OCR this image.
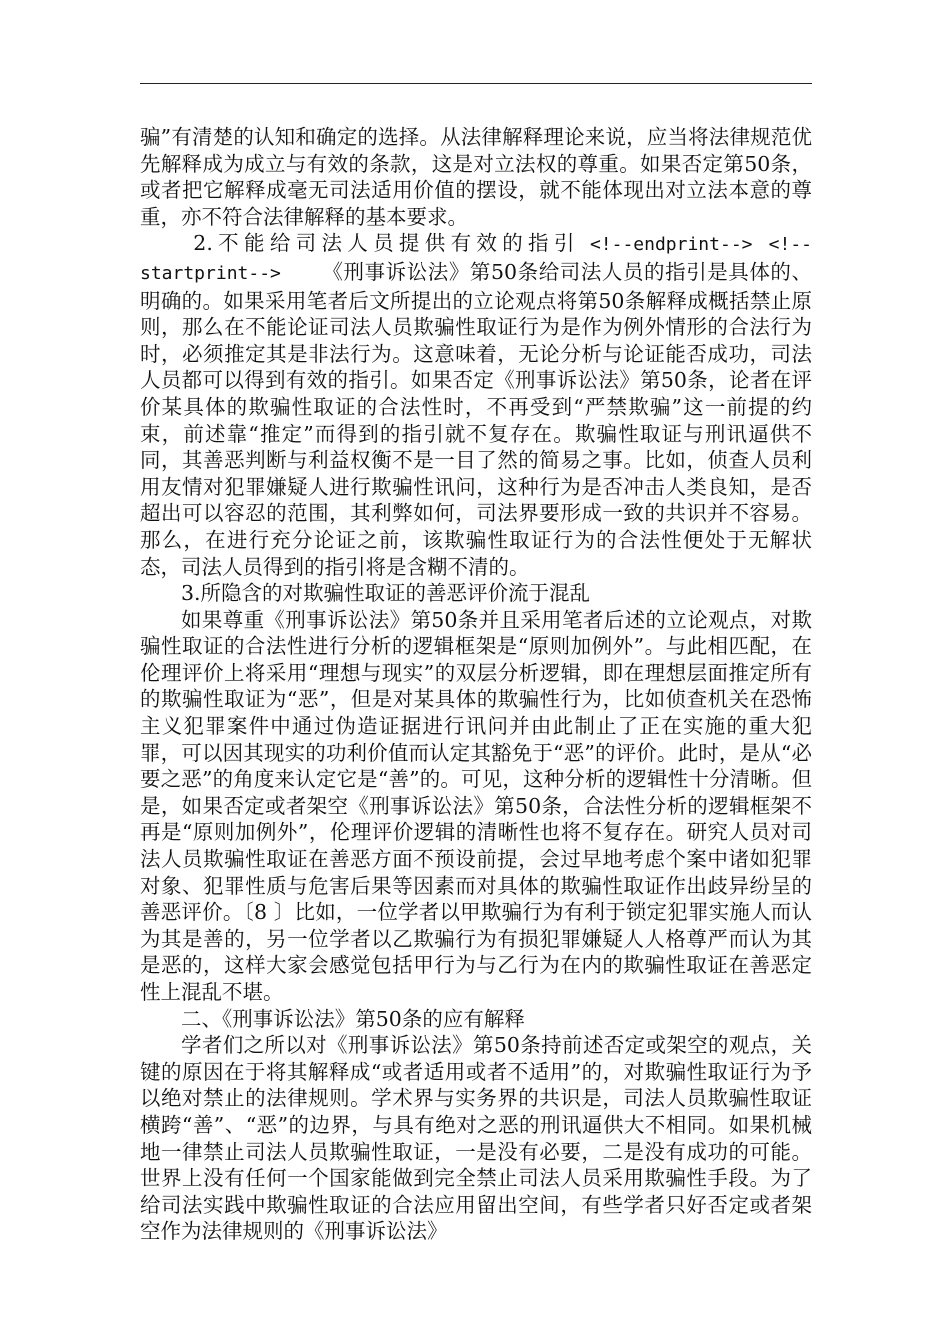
骗”有清楚的认知和确定的选择。从法律解释理论来说，应当将法律规范优先解释成为成立与有效的条款，这是对立法权的尊重。如果否定第50条，或者把它解释成毫无司法适用价值的摆设，就不能体现出对立法本意的尊重，亦不符合法律解释的基本要求。

2.不能给司法人员提供有效的指引  <!--endprint--> <!--startprint-->   《刑事诉讼法》第50条给司法人员的指引是具体的、明确的。如果采用笔者后文所提出的立论观点将第50条解释成概括禁止原则，那么在不能论证司法人员欺骗性取证行为是作为例外情形的合法行为时，必须推定其是非法行为。这意味着，无论分析与论证能否成功，司法人员都可以得到有效的指引。如果否定《刑事诉讼法》第50条，论者在评价某具体的欺骗性取证的合法性时，不再受到“严禁欺骗”这一前提的约束，前述靠“推定”而得到的指引就不复存在。欺骗性取证与刑讯逼供不同，其善恶判断与利益权衡不是一目了然的简易之事。比如，侦查人员利用友情对犯罪嫌疑人进行欺骗性讯问，这种行为是否冲击人类良知，是否超出可以容忍的范围，其利弊如何，司法界要形成一致的共识并不容易。那么，在进行充分论证之前，该欺骗性取证行为的合法性便处于无解状态，司法人员得到的指引将是含糊不清的。

3.所隐含的对欺骗性取证的善恶评价流于混乱

如果尊重《刑事诉讼法》第50条并且采用笔者后述的立论观点，对欺骗性取证的合法性进行分析的逻辑框架是“原则加例外”。与此相匹配，在伦理评价上将采用“理想与现实”的双层分析逻辑，即在理想层面推定所有的欺骗性取证为“恶”，但是对某具体的欺骗性行为，比如侦查机关在恐怖主义犯罪案件中通过伪造证据进行讯问并由此制止了正在实施的重大犯罪，可以因其现实的功利价值而认定其豁免于“恶”的评价。此时，是从“必要之恶”的角度来认定它是“善”的。可见，这种分析的逻辑性十分清晰。但是，如果否定或者架空《刑事诉讼法》第50条，合法性分析的逻辑框架不再是“原则加例外”，伦理评价逻辑的清晰性也将不复存在。研究人员对司法人员欺骗性取证在善恶方面不预设前提，会过早地考虑个案中诸如犯罪对象、犯罪性质与危害后果等因素而对具体的欺骗性取证作出歧异纷呈的善恶评价。〔8 〕比如，一位学者以甲欺骗行为有利于锁定犯罪实施人而认为其是善的，另一位学者以乙欺骗行为有损犯罪嫌疑人人格尊严而认为其是恶的，这样大家会感觉包括甲行为与乙行为在内的欺骗性取证在善恶定性上混乱不堪。

二、《刑事诉讼法》第50条的应有解释

学者们之所以对《刑事诉讼法》第50条持前述否定或架空的观点，关键的原因在于将其解释成“或者适用或者不适用”的，对欺骗性取证行为予以绝对禁止的法律规则。学术界与实务界的共识是，司法人员欺骗性取证横跨“善”、“恶”的边界，与具有绝对之恶的刑讯逼供大不相同。如果机械地一律禁止司法人员欺骗性取证，一是没有必要，二是没有成功的可能。世界上没有任何一个国家能做到完全禁止司法人员采用欺骗性手段。为了给司法实践中欺骗性取证的合法应用留出空间，有些学者只好否定或者架空作为法律规则的《刑事诉讼法》
